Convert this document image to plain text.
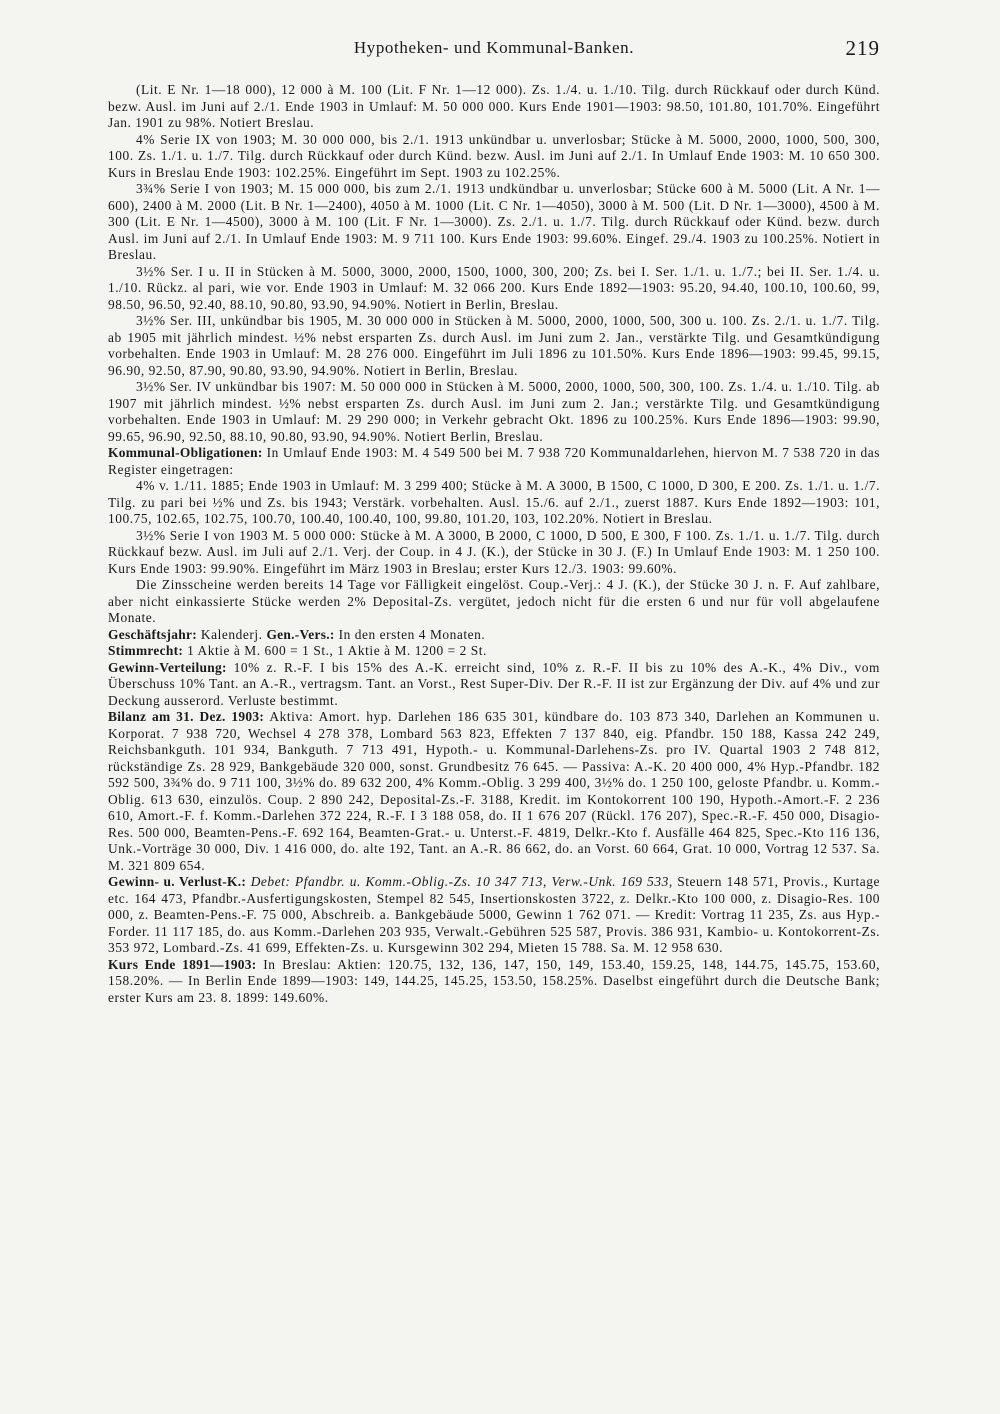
Hypotheken- und Kommunal-Banken.	219

(Lit. E Nr. 1—18 000), 12 000 à M. 100 (Lit. F Nr. 1—12 000). Zs. 1./4. u. 1./10. Tilg. durch Rückkauf oder durch Künd. bezw. Ausl. im Juni auf 2./1. Ende 1903 in Umlauf: M. 50 000 000. Kurs Ende 1901—1903: 98.50, 101.80, 101.70%. Eingeführt Jan. 1901 zu 98%. Notiert Breslau.

4% Serie IX von 1903; M. 30 000 000, bis 2./1. 1913 unkündbar u. unverlosbar; Stücke à M. 5000, 2000, 1000, 500, 300, 100. Zs. 1./1. u. 1./7. Tilg. durch Rückkauf oder durch Künd. bezw. Ausl. im Juni auf 2./1. In Umlauf Ende 1903: M. 10 650 300. Kurs in Breslau Ende 1903: 102.25%. Eingeführt im Sept. 1903 zu 102.25%.

3¾% Serie I von 1903; M. 15 000 000, bis zum 2./1. 1913 undkündbar u. unverlosbar; Stücke 600 à M. 5000 (Lit. A Nr. 1—600), 2400 à M. 2000 (Lit. B Nr. 1—2400), 4050 à M. 1000 (Lit. C Nr. 1—4050), 3000 à M. 500 (Lit. D Nr. 1—3000), 4500 à M. 300 (Lit. E Nr. 1—4500), 3000 à M. 100 (Lit. F Nr. 1—3000). Zs. 2./1. u. 1./7. Tilg. durch Rückkauf oder Künd. bezw. durch Ausl. im Juni auf 2./1. In Umlauf Ende 1903: M. 9 711 100. Kurs Ende 1903: 99.60%. Eingef. 29./4. 1903 zu 100.25%. Notiert in Breslau.

3½% Ser. I u. II in Stücken à M. 5000, 3000, 2000, 1500, 1000, 300, 200; Zs. bei I. Ser. 1./1. u. 1./7.; bei II. Ser. 1./4. u. 1./10. Rückz. al pari, wie vor. Ende 1903 in Umlauf: M. 32 066 200. Kurs Ende 1892—1903: 95.20, 94.40, 100.10, 100.60, 99, 98.50, 96.50, 92.40, 88.10, 90.80, 93.90, 94.90%. Notiert in Berlin, Breslau.

3½% Ser. III, unkündbar bis 1905, M. 30 000 000 in Stücken à M. 5000, 2000, 1000, 500, 300 u. 100. Zs. 2./1. u. 1./7. Tilg. ab 1905 mit jährlich mindest. ½% nebst ersparten Zs. durch Ausl. im Juni zum 2. Jan., verstärkte Tilg. und Gesamtkündigung vorbehalten. Ende 1903 in Umlauf: M. 28 276 000. Eingeführt im Juli 1896 zu 101.50%. Kurs Ende 1896—1903: 99.45, 99.15, 96.90, 92.50, 87.90, 90.80, 93.90, 94.90%. Notiert in Berlin, Breslau.

3½% Ser. IV unkündbar bis 1907: M. 50 000 000 in Stücken à M. 5000, 2000, 1000, 500, 300, 100. Zs. 1./4. u. 1./10. Tilg. ab 1907 mit jährlich mindest. ½% nebst ersparten Zs. durch Ausl. im Juni zum 2. Jan.; verstärkte Tilg. und Gesamtkündigung vorbehalten. Ende 1903 in Umlauf: M. 29 290 000; in Verkehr gebracht Okt. 1896 zu 100.25%. Kurs Ende 1896—1903: 99.90, 99.65, 96.90, 92.50, 88.10, 90.80, 93.90, 94.90%. Notiert Berlin, Breslau.

Kommunal-Obligationen: In Umlauf Ende 1903: M. 4 549 500 bei M. 7 938 720 Kommunaldarlehen, hiervon M. 7 538 720 in das Register eingetragen:

4% v. 1./11. 1885; Ende 1903 in Umlauf: M. 3 299 400; Stücke à M. A 3000, B 1500, C 1000, D 300, E 200. Zs. 1./1. u. 1./7. Tilg. zu pari bei ½% und Zs. bis 1943; Verstärk. vorbehalten. Ausl. 15./6. auf 2./1., zuerst 1887. Kurs Ende 1892—1903: 101, 100.75, 102.65, 102.75, 100.70, 100.40, 100.40, 100, 99.80, 101.20, 103, 102.20%. Notiert in Breslau.

3½% Serie I von 1903 M. 5 000 000: Stücke à M. A 3000, B 2000, C 1000, D 500, E 300, F 100. Zs. 1./1. u. 1./7. Tilg. durch Rückkauf bezw. Ausl. im Juli auf 2./1. Verj. der Coup. in 4 J. (K.), der Stücke in 30 J. (F.) In Umlauf Ende 1903: M. 1 250 100. Kurs Ende 1903: 99.90%. Eingeführt im März 1903 in Breslau; erster Kurs 12./3. 1903: 99.60%.

Die Zinsscheine werden bereits 14 Tage vor Fälligkeit eingelöst. Coup.-Verj.: 4 J. (K.), der Stücke 30 J. n. F. Auf zahlbare, aber nicht einkassierte Stücke werden 2% Deposital-Zs. vergütet, jedoch nicht für die ersten 6 und nur für voll abgelaufene Monate.

Geschäftsjahr: Kalenderj. Gen.-Vers.: In den ersten 4 Monaten.

Stimmrecht: 1 Aktie à M. 600 = 1 St., 1 Aktie à M. 1200 = 2 St.

Gewinn-Verteilung: 10% z. R.-F. I bis 15% des A.-K. erreicht sind, 10% z. R.-F. II bis zu 10% des A.-K., 4% Div., vom Überschuss 10% Tant. an A.-R., vertragsm. Tant. an Vorst., Rest Super-Div. Der R.-F. II ist zur Ergänzung der Div. auf 4% und zur Deckung ausserord. Verluste bestimmt.

Bilanz am 31. Dez. 1903: Aktiva: Amort. hyp. Darlehen 186 635 301, kündbare do. 103 873 340, Darlehen an Kommunen u. Korporat. 7 938 720, Wechsel 4 278 378, Lombard 563 823, Effekten 7 137 840, eig. Pfandbr. 150 188, Kassa 242 249, Reichsbankguth. 101 934, Bankguth. 7 713 491, Hypoth.- u. Kommunal-Darlehens-Zs. pro IV. Quartal 1903 2 748 812, rückständige Zs. 28 929, Bankgebäude 320 000, sonst. Grundbesitz 76 645. — Passiva: A.-K. 20 400 000, 4% Hyp.-Pfandbr. 182 592 500, 3¾% do. 9 711 100, 3½% do. 89 632 200, 4% Komm.-Oblig. 3 299 400, 3½% do. 1 250 100, geloste Pfandbr. u. Komm.-Oblig. 613 630, einzulös. Coup. 2 890 242, Deposital-Zs.-F. 3188, Kredit. im Kontokorrent 100 190, Hypoth.-Amort.-F. 2 236 610, Amort.-F. f. Komm.-Darlehen 372 224, R.-F. I 3 188 058, do. II 1 676 207 (Rückl. 176 207), Spec.-R.-F. 450 000, Disagio-Res. 500 000, Beamten-Pens.-F. 692 164, Beamten-Grat.- u. Unterst.-F. 4819, Delkr.-Kto f. Ausfälle 464 825, Spec.-Kto 116 136, Unk.-Vorträge 30 000, Div. 1 416 000, do. alte 192, Tant. an A.-R. 86 662, do. an Vorst. 60 664, Grat. 10 000, Vortrag 12 537. Sa. M. 321 809 654.

Gewinn- u. Verlust-K.: Debet: Pfandbr. u. Komm.-Oblig.-Zs. 10 347 713, Verw.-Unk. 169 533, Steuern 148 571, Provis., Kurtage etc. 164 473, Pfandbr.-Ausfertigungskosten, Stempel 82 545, Insertionskosten 3722, z. Delkr.-Kto 100 000, z. Disagio-Res. 100 000, z. Beamten-Pens.-F. 75 000, Abschreib. a. Bankgebäude 5000, Gewinn 1 762 071. — Kredit: Vortrag 11 235, Zs. aus Hyp.-Forder. 11 117 185, do. aus Komm.-Darlehen 203 935, Verwalt.-Gebühren 525 587, Provis. 386 931, Kambio- u. Kontokorrent-Zs. 353 972, Lombard.-Zs. 41 699, Effekten-Zs. u. Kursgewinn 302 294, Mieten 15 788. Sa. M. 12 958 630.

Kurs Ende 1891—1903: In Breslau: Aktien: 120.75, 132, 136, 147, 150, 149, 153.40, 159.25, 148, 144.75, 145.75, 153.60, 158.20%. — In Berlin Ende 1899—1903: 149, 144.25, 145.25, 153.50, 158.25%. Daselbst eingeführt durch die Deutsche Bank; erster Kurs am 23. 8. 1899: 149.60%.
